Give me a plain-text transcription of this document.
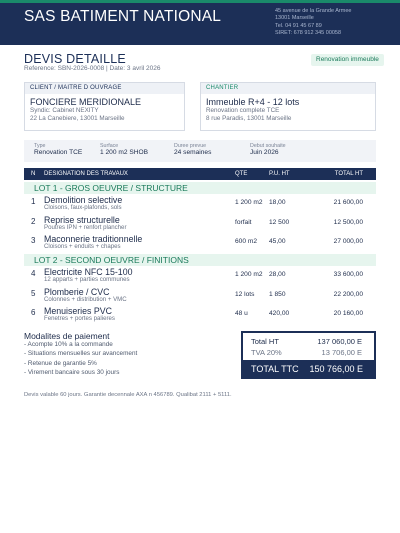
SAS BATIMENT NATIONAL	45 avenue de la Grande Armee
13001 Marseille
Tel. 04 91 45 67 89
SIRET: 678 912 345 00058
DEVIS DETAILLE
Reference: SBN-2026-0008 | Date: 3 avril 2026
Renovation immeuble
CLIENT / MAITRE D OUVRAGE
FONCIERE MERIDIONALE
Syndic: Cabinet NEXITY
22 La Canebiere, 13001 Marseille
CHANTIER
Immeuble R+4 - 12 lots
Renovation complete TCE
8 rue Paradis, 13001 Marseille
Type
Renovation TCE
Surface
1 200 m2 SHOB
Duree prevue
24 semaines
Debut souhaite
Juin 2026
N DESIGNATION DES TRAVAUX	QTE	P.U. HT	TOTAL HT
LOT 1 - GROS OEUVRE / STRUCTURE
1 Demolition selective
Cloisons, faux-plafonds, sols
1 200 m2 18,00	21 600,00
2 Reprise structurelle
Poutres IPN + renfort plancher
forfait	12 500	12 500,00
3 Maconnerie traditionnelle
Cloisons + enduits + chapes
600 m2 45,00	27 000,00
LOT 2 - SECOND OEUVRE / FINITIONS
4 Electricite NFC 15-100
12 apparts + parties communes
1 200 m2 28,00	33 600,00
5 Plomberie / CVC
Colonnes + distribution + VMC
12 lots 1 850	22 200,00
6 Menuiseries PVC
Fenetres + portes palieres
48 u	420,00	20 160,00
Modalites de paiement
- Acompte 10% a la commande
- Situations mensuelles sur avancement
- Retenue de garantie 5%
- Virement bancaire sous 30 jours
Total HT	137 060,00 E
TVA 20%	13 706,00 E
TOTAL TTC 150 766,00 E
Devis valable 60 jours. Garantie decennale AXA n 456789. Qualibat 2111 + 5111.
